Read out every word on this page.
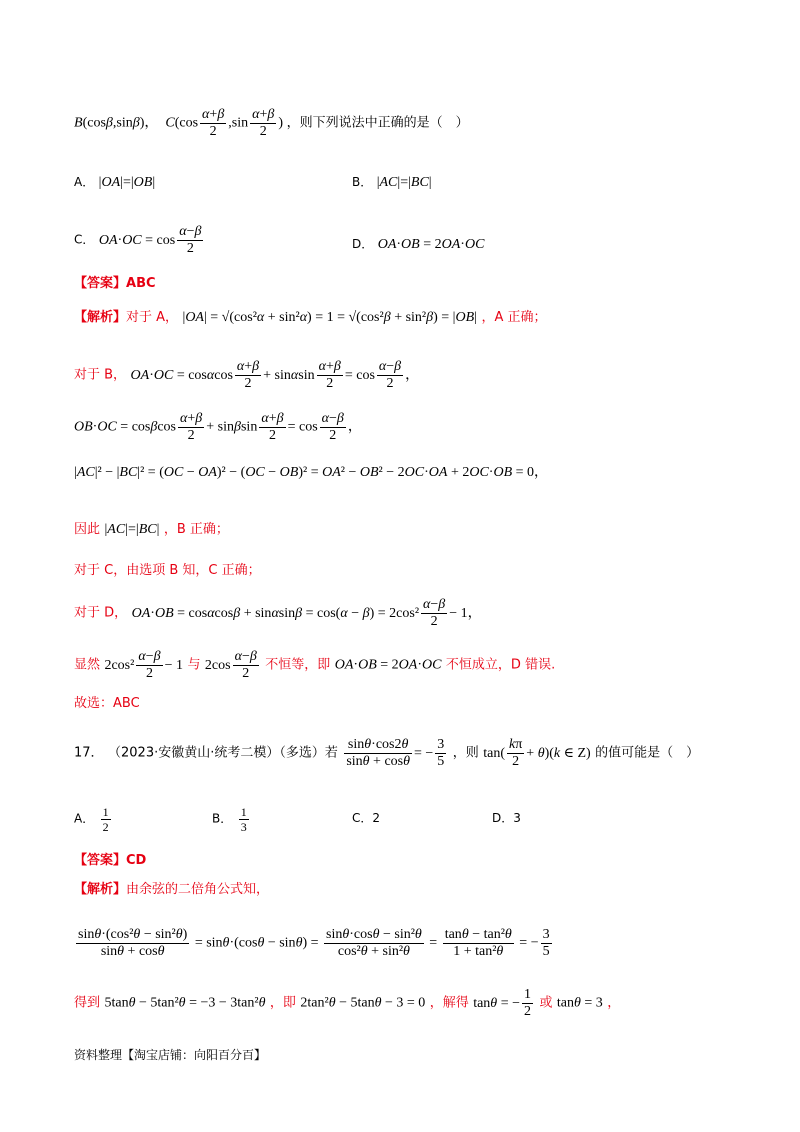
B(cosβ,sinβ)，  $C(\cos \frac{\alpha+\beta}{2} ,\sin \frac{\alpha+\beta}{2}$ ) ，则下列说法中正确的是（　）
A． |OA|=|OB|	B． |AC|=|BC|
C． $OA\cdot OC = \cos \frac{\alpha-\beta}{2}$	D． OA·OB = 2OA·OC
【答案】ABC
【解析】对于 A， |OA| = √(cos²α + sin²α) = 1 = √(cos²β + sin²β) = |OB| ，A 正确；
对于 B， OA·OC = cosαcos $\frac{\alpha+\beta}{2} + \sin\alpha\sin \frac{\alpha+\beta}{2} = \cos \frac{\alpha-\beta}{2}$ ，
OB·OC = cosβcos $\frac{\alpha+\beta}{2} + \sin\beta\sin \frac{\alpha+\beta}{2} = \cos \frac{\alpha-\beta}{2}$ ，
|AC|² − |BC|² = (OC − OA)² − (OC − OB)² = OA² − OB² − 2OC·OA + 2OC·OB = 0，
因此 |AC|=|BC| ，B 正确；
对于 C，由选项 B 知，C 正确；
对于 D， $OA\cdot OB = \cos\alpha\cos\beta + \sin\alpha\sin\beta = \cos(\alpha - \beta) = 2\cos^2 \frac{\alpha-\beta}{2} - 1$，
显然 $2\cos^2 \frac{\alpha-\beta}{2} - 1$ 与 $2\cos \frac{\alpha-\beta}{2}$ 不恒等，即 OA·OB = 2OA·OC 不恒成立，D 错误.
故选：ABC
17． （2023·安徽黄山·统考二模）（多选）若 $\frac{\sin\theta\cdot\cos 2\theta}{\sin\theta + \cos\theta}$ = − $\frac{3}{5}$ ，则 $\tan( \frac{k\pi}{2} + \theta)(k$ ∈ Z) 的值可能是（　）
A． $\frac{1}{2}$	B． $\frac{1}{3}$	C．2	D．3
【答案】CD
【解析】由余弦的二倍角公式知，
$\frac{\text{sinθ·(cos²θ − sin²θ)}}{\sin\theta + \cos\theta} = \sin\theta\cdot(\cos\theta - \sin\theta) = \frac{\text{sinθ·cosθ − sin²θ}}{\text{cos²θ + sin²θ}} = \frac{\text{tanθ − tan²θ}}{\text{1 + tan²θ}}$ = − $\frac{3}{5}$
得到 5tanθ − 5tan²θ = −3 − 3tan²θ ，即 2tan²θ − 5tanθ − 3 = 0 ，解得 tanθ = − $\frac{1}{2}$ 或 tanθ = 3 ，
资料整理【淘宝店铺：向阳百分百】
